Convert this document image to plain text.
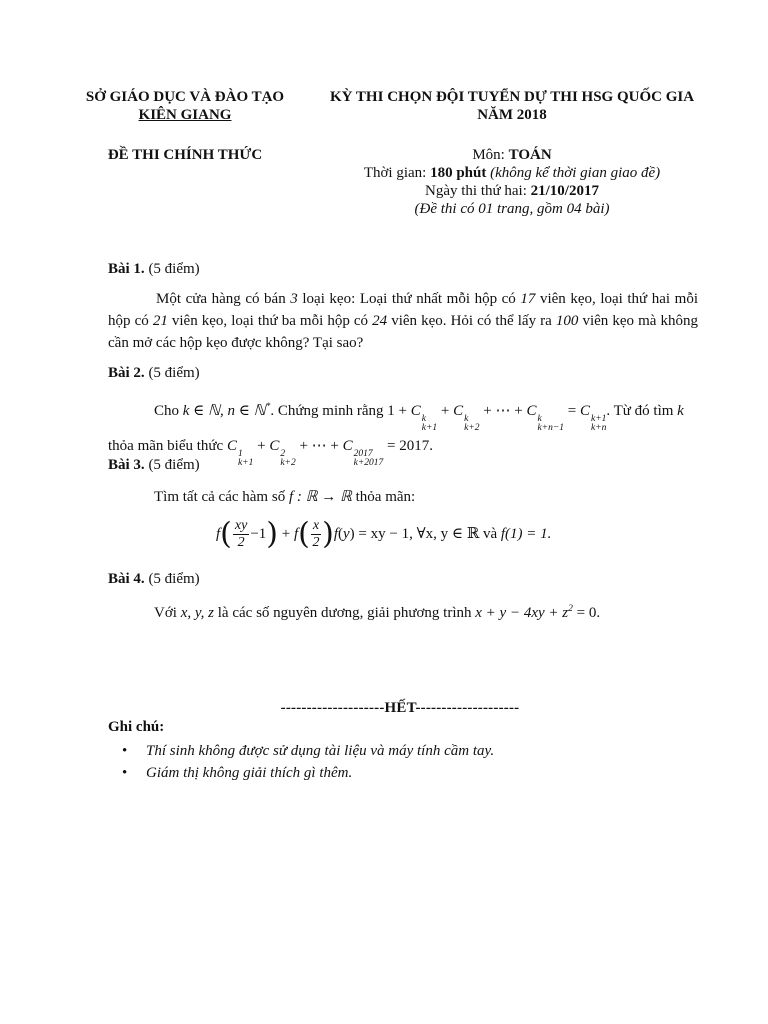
SỞ GIÁO DỤC VÀ ĐÀO TẠO
KIÊN GIANG
KỲ THI CHỌN ĐỘI TUYỂN DỰ THI HSG QUỐC GIA
NĂM 2018
ĐỀ THI CHÍNH THỨC	Môn: TOÁN
Thời gian: 180 phút (không kể thời gian giao đề)
Ngày thi thứ hai: 21/10/2017
(Đề thi có 01 trang, gồm 04 bài)
Bài 1. (5 điểm)
Một cửa hàng có bán 3 loại kẹo: Loại thứ nhất mỗi hộp có 17 viên kẹo, loại thứ hai mỗi hộp có 21 viên kẹo, loại thứ ba mỗi hộp có 24 viên kẹo. Hỏi có thể lấy ra 100 viên kẹo mà không cần mở các hộp kẹo được không? Tại sao?
Bài 2. (5 điểm)
Cho k ∈ ℕ, n ∈ ℕ*. Chứng minh rằng 1 + C k
k+1
+ C k
k+2
+ ⋯ + C k
k+n−1
= C k+1
k+n
. Từ đó tìm k
thỏa mãn biểu thức C 1
k+1
+ C 2
k+2
+ ⋯ + C 2017
k+2017
= 2017.
Bài 3. (5 điểm)
Tìm tất cả các hàm số f : ℝ → ℝ thỏa mãn:
$f( \frac{xy}{2} -1) + f( \frac{x}{2} )f(y)$ = xy − 1, ∀x, y ∈ ℝ và f(1) = 1.
Bài 4. (5 điểm)
Với x, y, z là các số nguyên dương, giải phương trình $x + y - 4xy + z^2 = 0$.
--------------------HẾT--------------------
Ghi chú:
• Thí sinh không được sử dụng tài liệu và máy tính cầm tay.
• Giám thị không giải thích gì thêm.
